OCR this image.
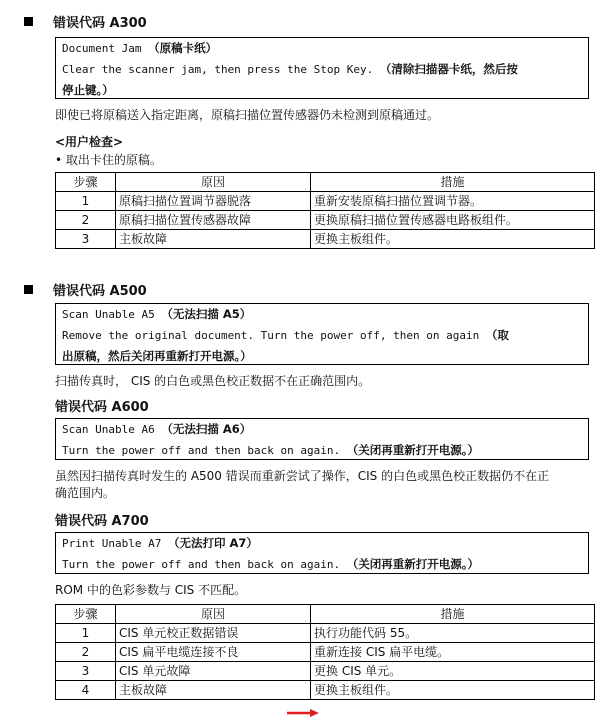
错误代码 A300
Document Jam （原稿卡纸）
Clear the scanner jam, then press the Stop Key. （清除扫描器卡纸，然后按
停止键。）
即使已将原稿送入指定距离，原稿扫描位置传感器仍未检测到原稿通过。
<用户检查>
• 取出卡住的原稿。
步骤	原因	措施
1	原稿扫描位置调节器脱落	重新安装原稿扫描位置调节器。
2	原稿扫描位置传感器故障	更换原稿扫描位置传感器电路板组件。
3	主板故障	更换主板组件。
错误代码 A500
Scan Unable A5 （无法扫描 A5）
Remove the original document. Turn the power off, then on again （取
出原稿，然后关闭再重新打开电源。）
扫描传真时， CIS 的白色或黑色校正数据不在正确范围内。
错误代码 A600
Scan Unable A6 （无法扫描 A6）
Turn the power off and then back on again. （关闭再重新打开电源。）
虽然因扫描传真时发生的 A500 错误而重新尝试了操作，CIS 的白色或黑色校正数据仍不在正
确范围内。
错误代码 A700
Print Unable A7 （无法打印 A7）
Turn the power off and then back on again. （关闭再重新打开电源。）
ROM 中的色彩参数与 CIS 不匹配。
步骤	原因	措施
1	CIS 单元校正数据错误	执行功能代码 55。
2	CIS 扁平电缆连接不良	重新连接 CIS 扁平电缆。
3	CIS 单元故障	更换 CIS 单元。
4	主板故障	更换主板组件。
